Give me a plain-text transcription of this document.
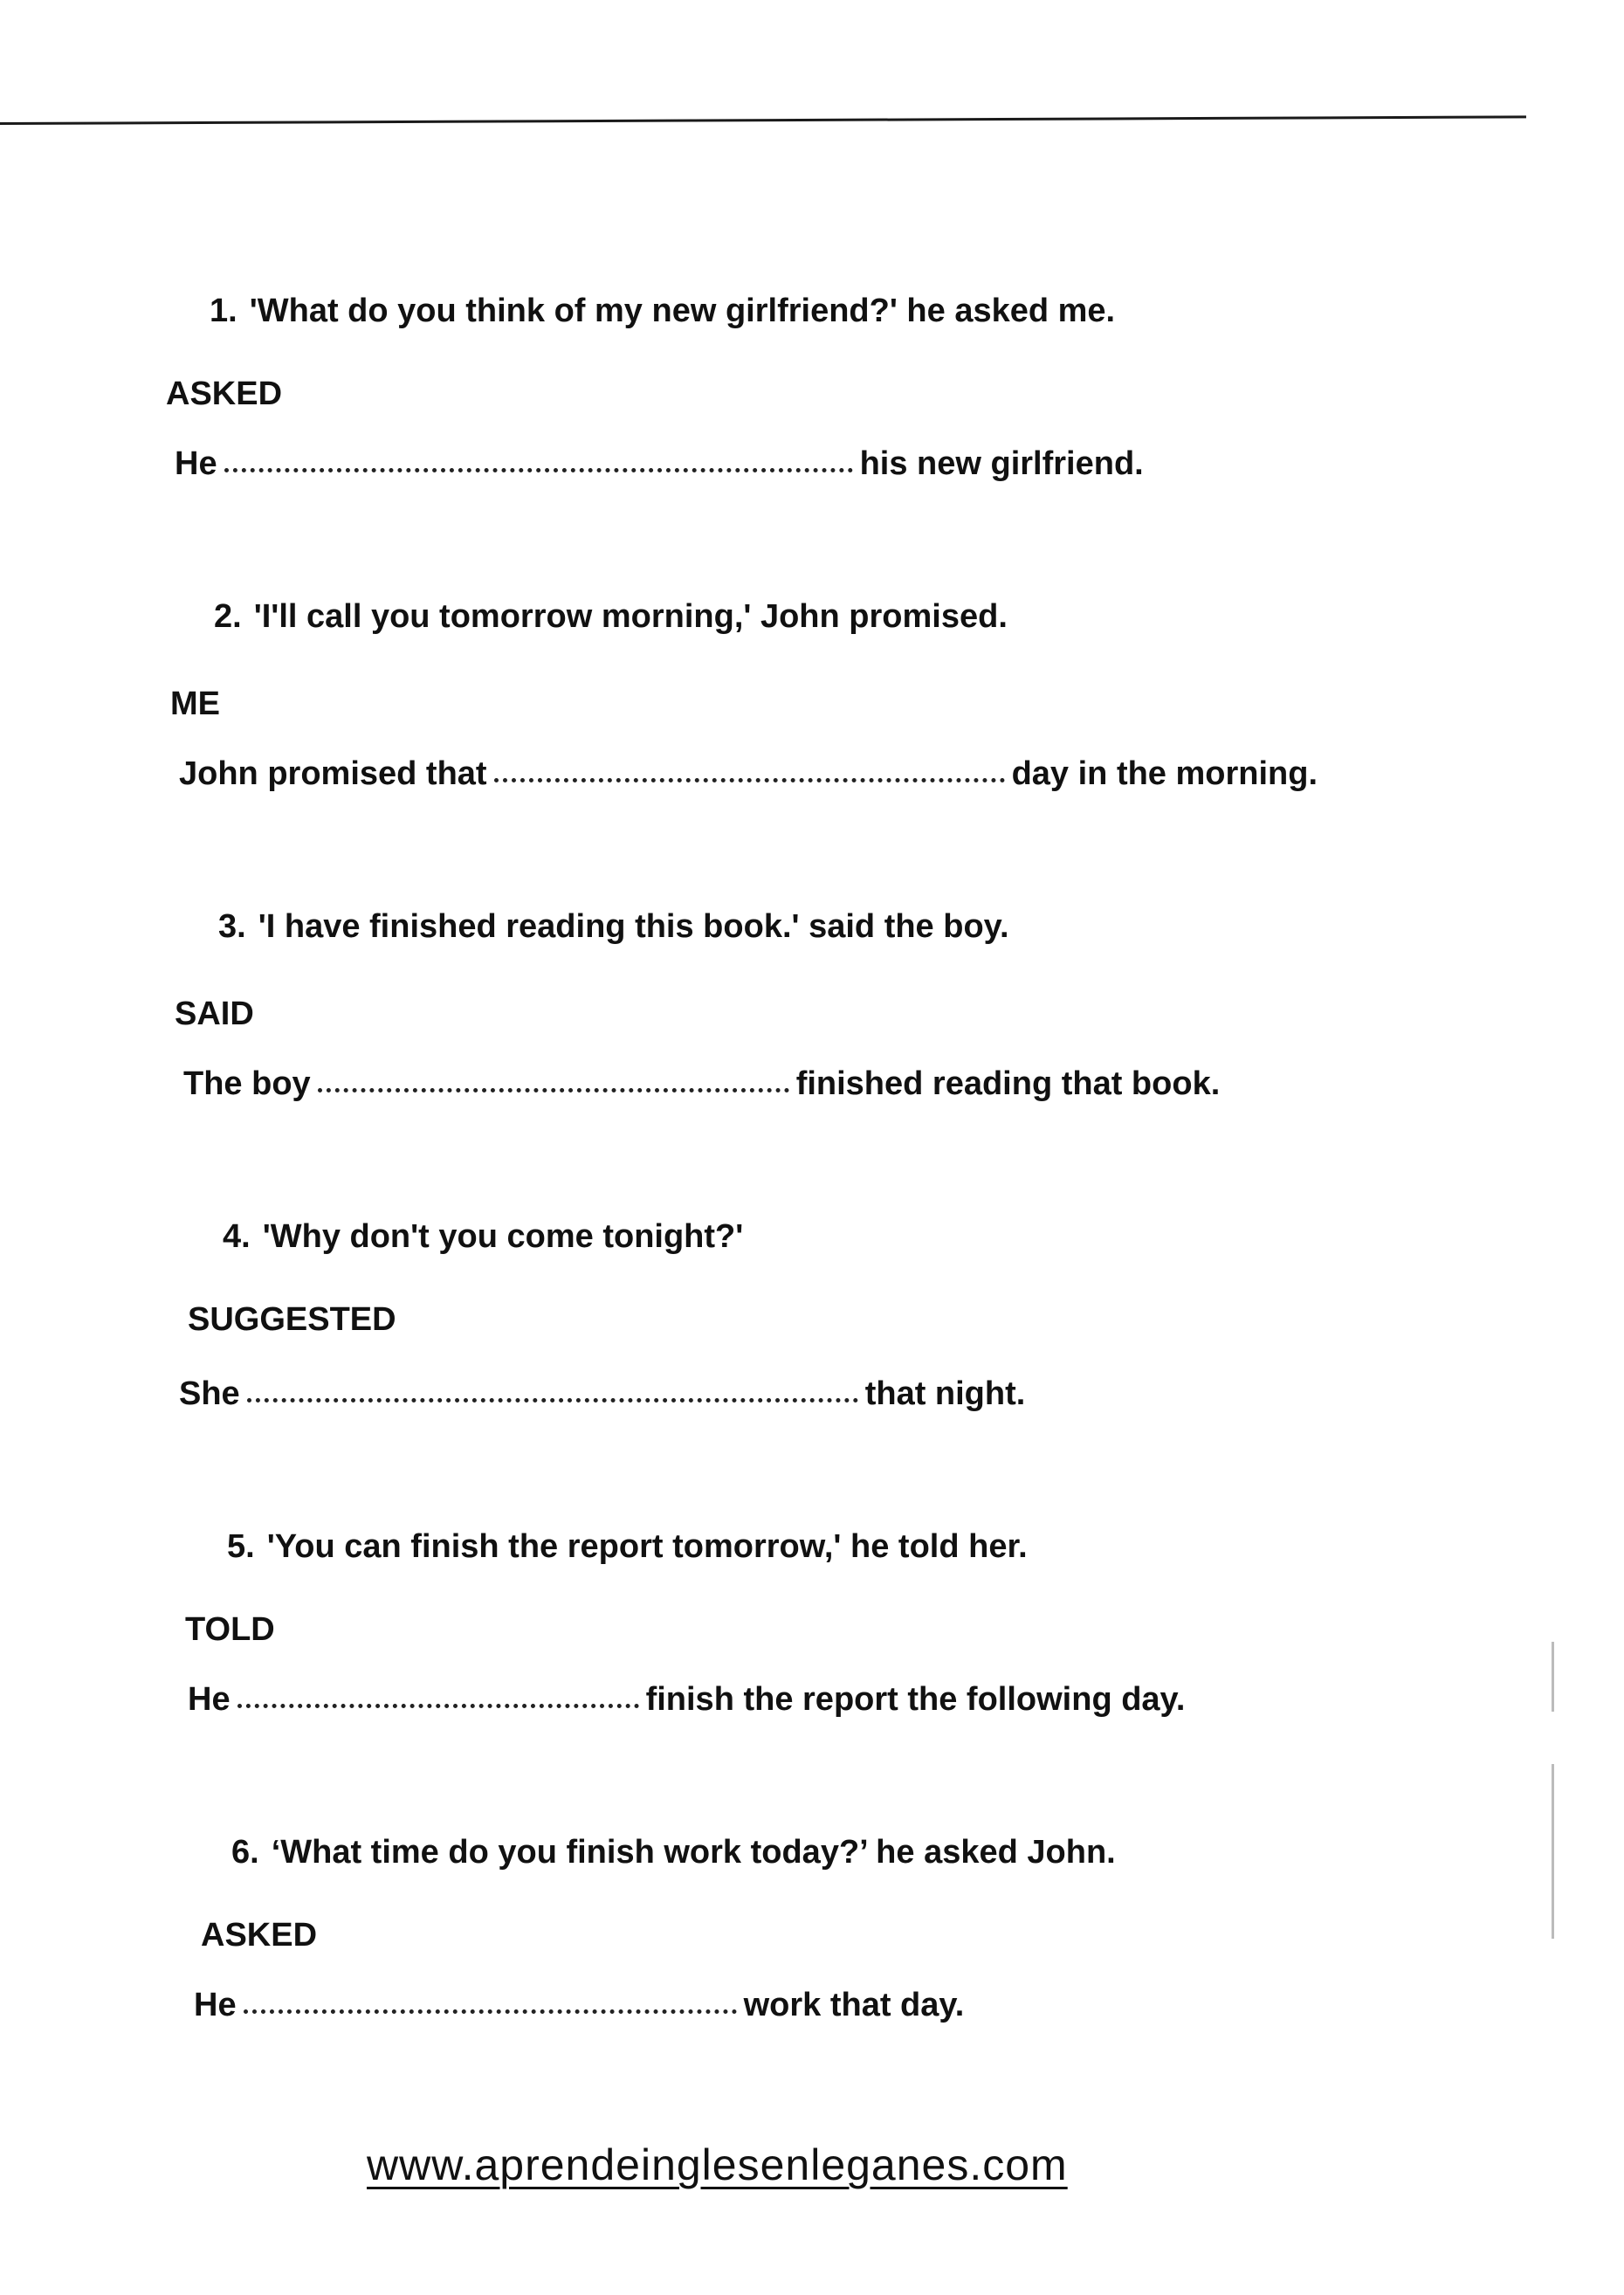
1. 'What do you think of my new girlfriend?' he asked me.
ASKED
He	his new girlfriend.
2. 'I'll call you tomorrow morning,' John promised.
ME
John promised that	day in the morning.
3. 'I have finished reading this book.' said the boy.
SAID
The boy	finished reading that book.
4. 'Why don't you come tonight?'
SUGGESTED
She	that night.
5. 'You can finish the report tomorrow,' he told her.
TOLD
He	finish the report the following day.
6. ‘What time do you finish work today?’ he asked John.
ASKED
He	work that day.
www.aprendeinglesenleganes.com
